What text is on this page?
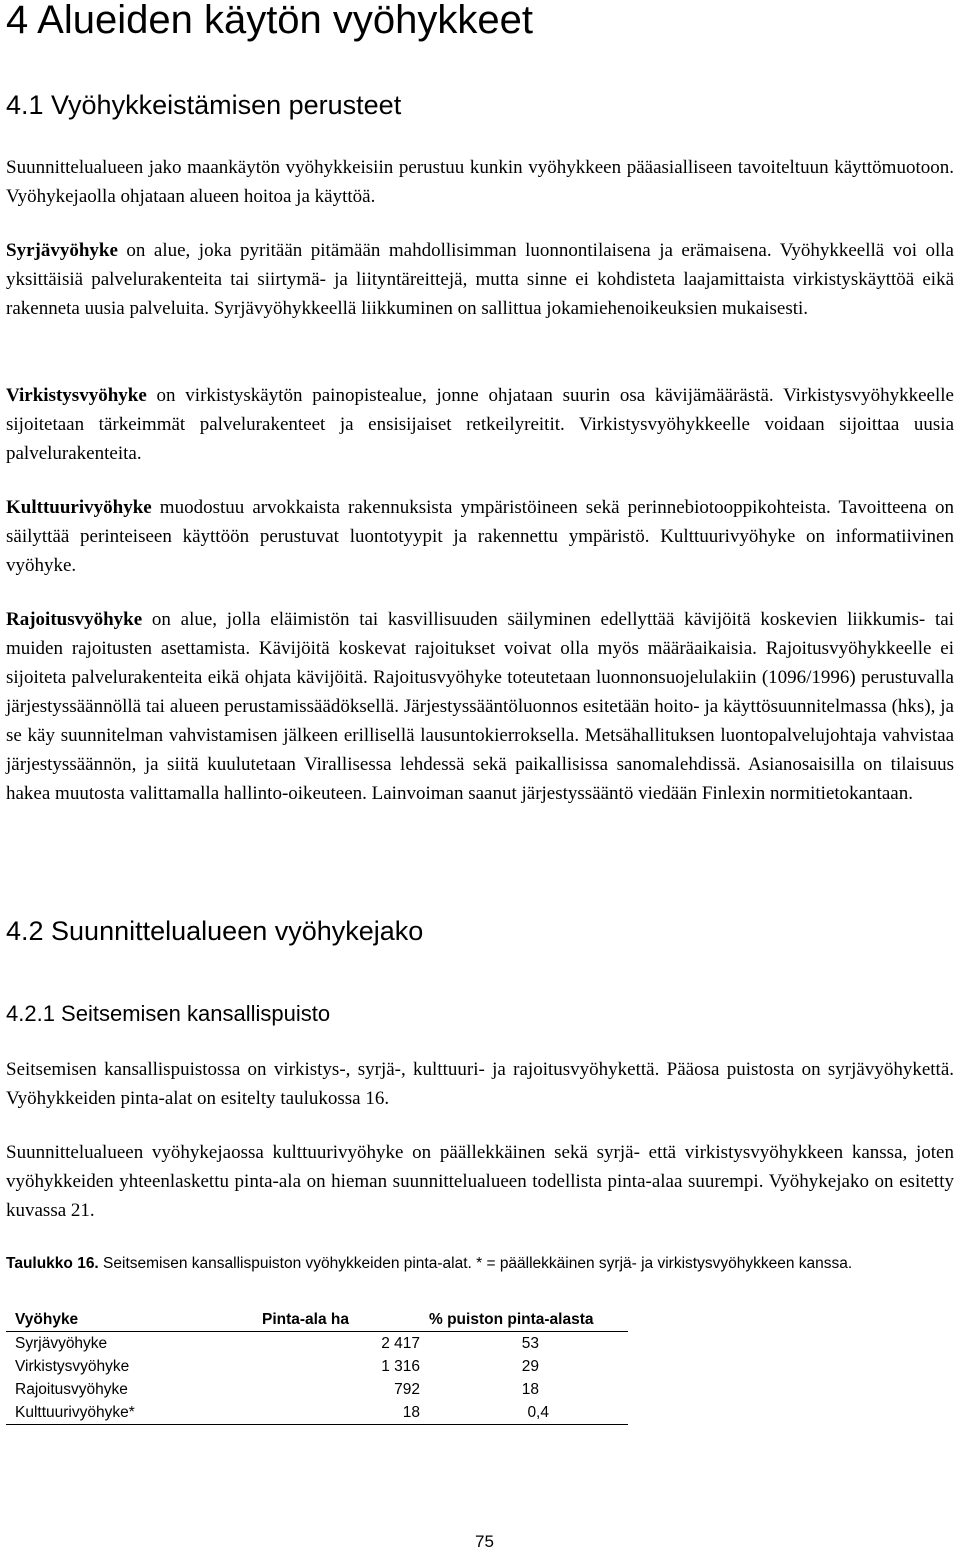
4 Alueiden käytön vyöhykkeet
4.1 Vyöhykkeistämisen perusteet

Suunnittelualueen jako maankäytön vyöhykkeisiin perustuu kunkin vyöhykkeen pääasialliseen tavoiteltuun käyttömuotoon. Vyöhykejaolla ohjataan alueen hoitoa ja käyttöä.

Syrjävyöhyke on alue, joka pyritään pitämään mahdollisimman luonnontilaisena ja erämaisena. Vyöhykkeellä voi olla yksittäisiä palvelurakenteita tai siirtymä- ja liityntäreittejä, mutta sinne ei kohdisteta laajamittaista virkistyskäyttöä eikä rakenneta uusia palveluita. Syrjävyöhykkeellä liikkuminen on sallittua jokamiehenoikeuksien mukaisesti.

Virkistysvyöhyke on virkistyskäytön painopistealue, jonne ohjataan suurin osa kävijämäärästä. Virkistysvyöhykkeelle sijoitetaan tärkeimmät palvelurakenteet ja ensisijaiset retkeilyreitit. Virkistysvyöhykkeelle voidaan sijoittaa uusia palvelurakenteita.

Kulttuurivyöhyke muodostuu arvokkaista rakennuksista ympäristöineen sekä perinnebiotooppikohteista. Tavoitteena on säilyttää perinteiseen käyttöön perustuvat luontotyypit ja rakennettu ympäristö. Kulttuurivyöhyke on informatiivinen vyöhyke.

Rajoitusvyöhyke on alue, jolla eläimistön tai kasvillisuuden säilyminen edellyttää kävijöitä koskevien liikkumis- tai muiden rajoitusten asettamista. Kävijöitä koskevat rajoitukset voivat olla myös määräaikaisia. Rajoitusvyöhykkeelle ei sijoiteta palvelurakenteita eikä ohjata kävijöitä. Rajoitusvyöhyke toteutetaan luonnonsuojelulakiin (1096/1996) perustuvalla järjestyssäännöllä tai alueen perustamissäädöksellä. Järjestyssääntöluonnos esitetään hoito- ja käyttösuunnitelmassa (hks), ja se käy suunnitelman vahvistamisen jälkeen erillisellä lausuntokierroksella. Metsähallituksen luontopalvelujohtaja vahvistaa järjestyssäännön, ja siitä kuulutetaan Virallisessa lehdessä sekä paikallisissa sanomalehdissä. Asianosaisilla on tilaisuus hakea muutosta valittamalla hallinto-oikeuteen. Lainvoiman saanut järjestyssääntö viedään Finlexin normitietokantaan.

4.2 Suunnittelualueen vyöhykejako
4.2.1 Seitsemisen kansallispuisto

Seitsemisen kansallispuistossa on virkistys-, syrjä-, kulttuuri- ja rajoitusvyöhykettä. Pääosa puistosta on syrjävyöhykettä. Vyöhykkeiden pinta-alat on esitelty taulukossa 16.

Suunnittelualueen vyöhykejaossa kulttuurivyöhyke on päällekkäinen sekä syrjä- että virkistysvyöhykkeen kanssa, joten vyöhykkeiden yhteenlaskettu pinta-ala on hieman suunnittelualueen todellista pinta-alaa suurempi. Vyöhykejako on esitetty kuvassa 21.

Taulukko 16. Seitsemisen kansallispuiston vyöhykkeiden pinta-alat. * = päällekkäinen syrjä- ja virkistysvyöhykkeen kanssa.

Vyöhyke	Pinta-ala ha	% puiston pinta-alasta
Syrjävyöhyke	2 417	53
Virkistysvyöhyke	1 316	29
Rajoitusvyöhyke	792	18
Kulttuurivyöhyke*	18	0,4

75
